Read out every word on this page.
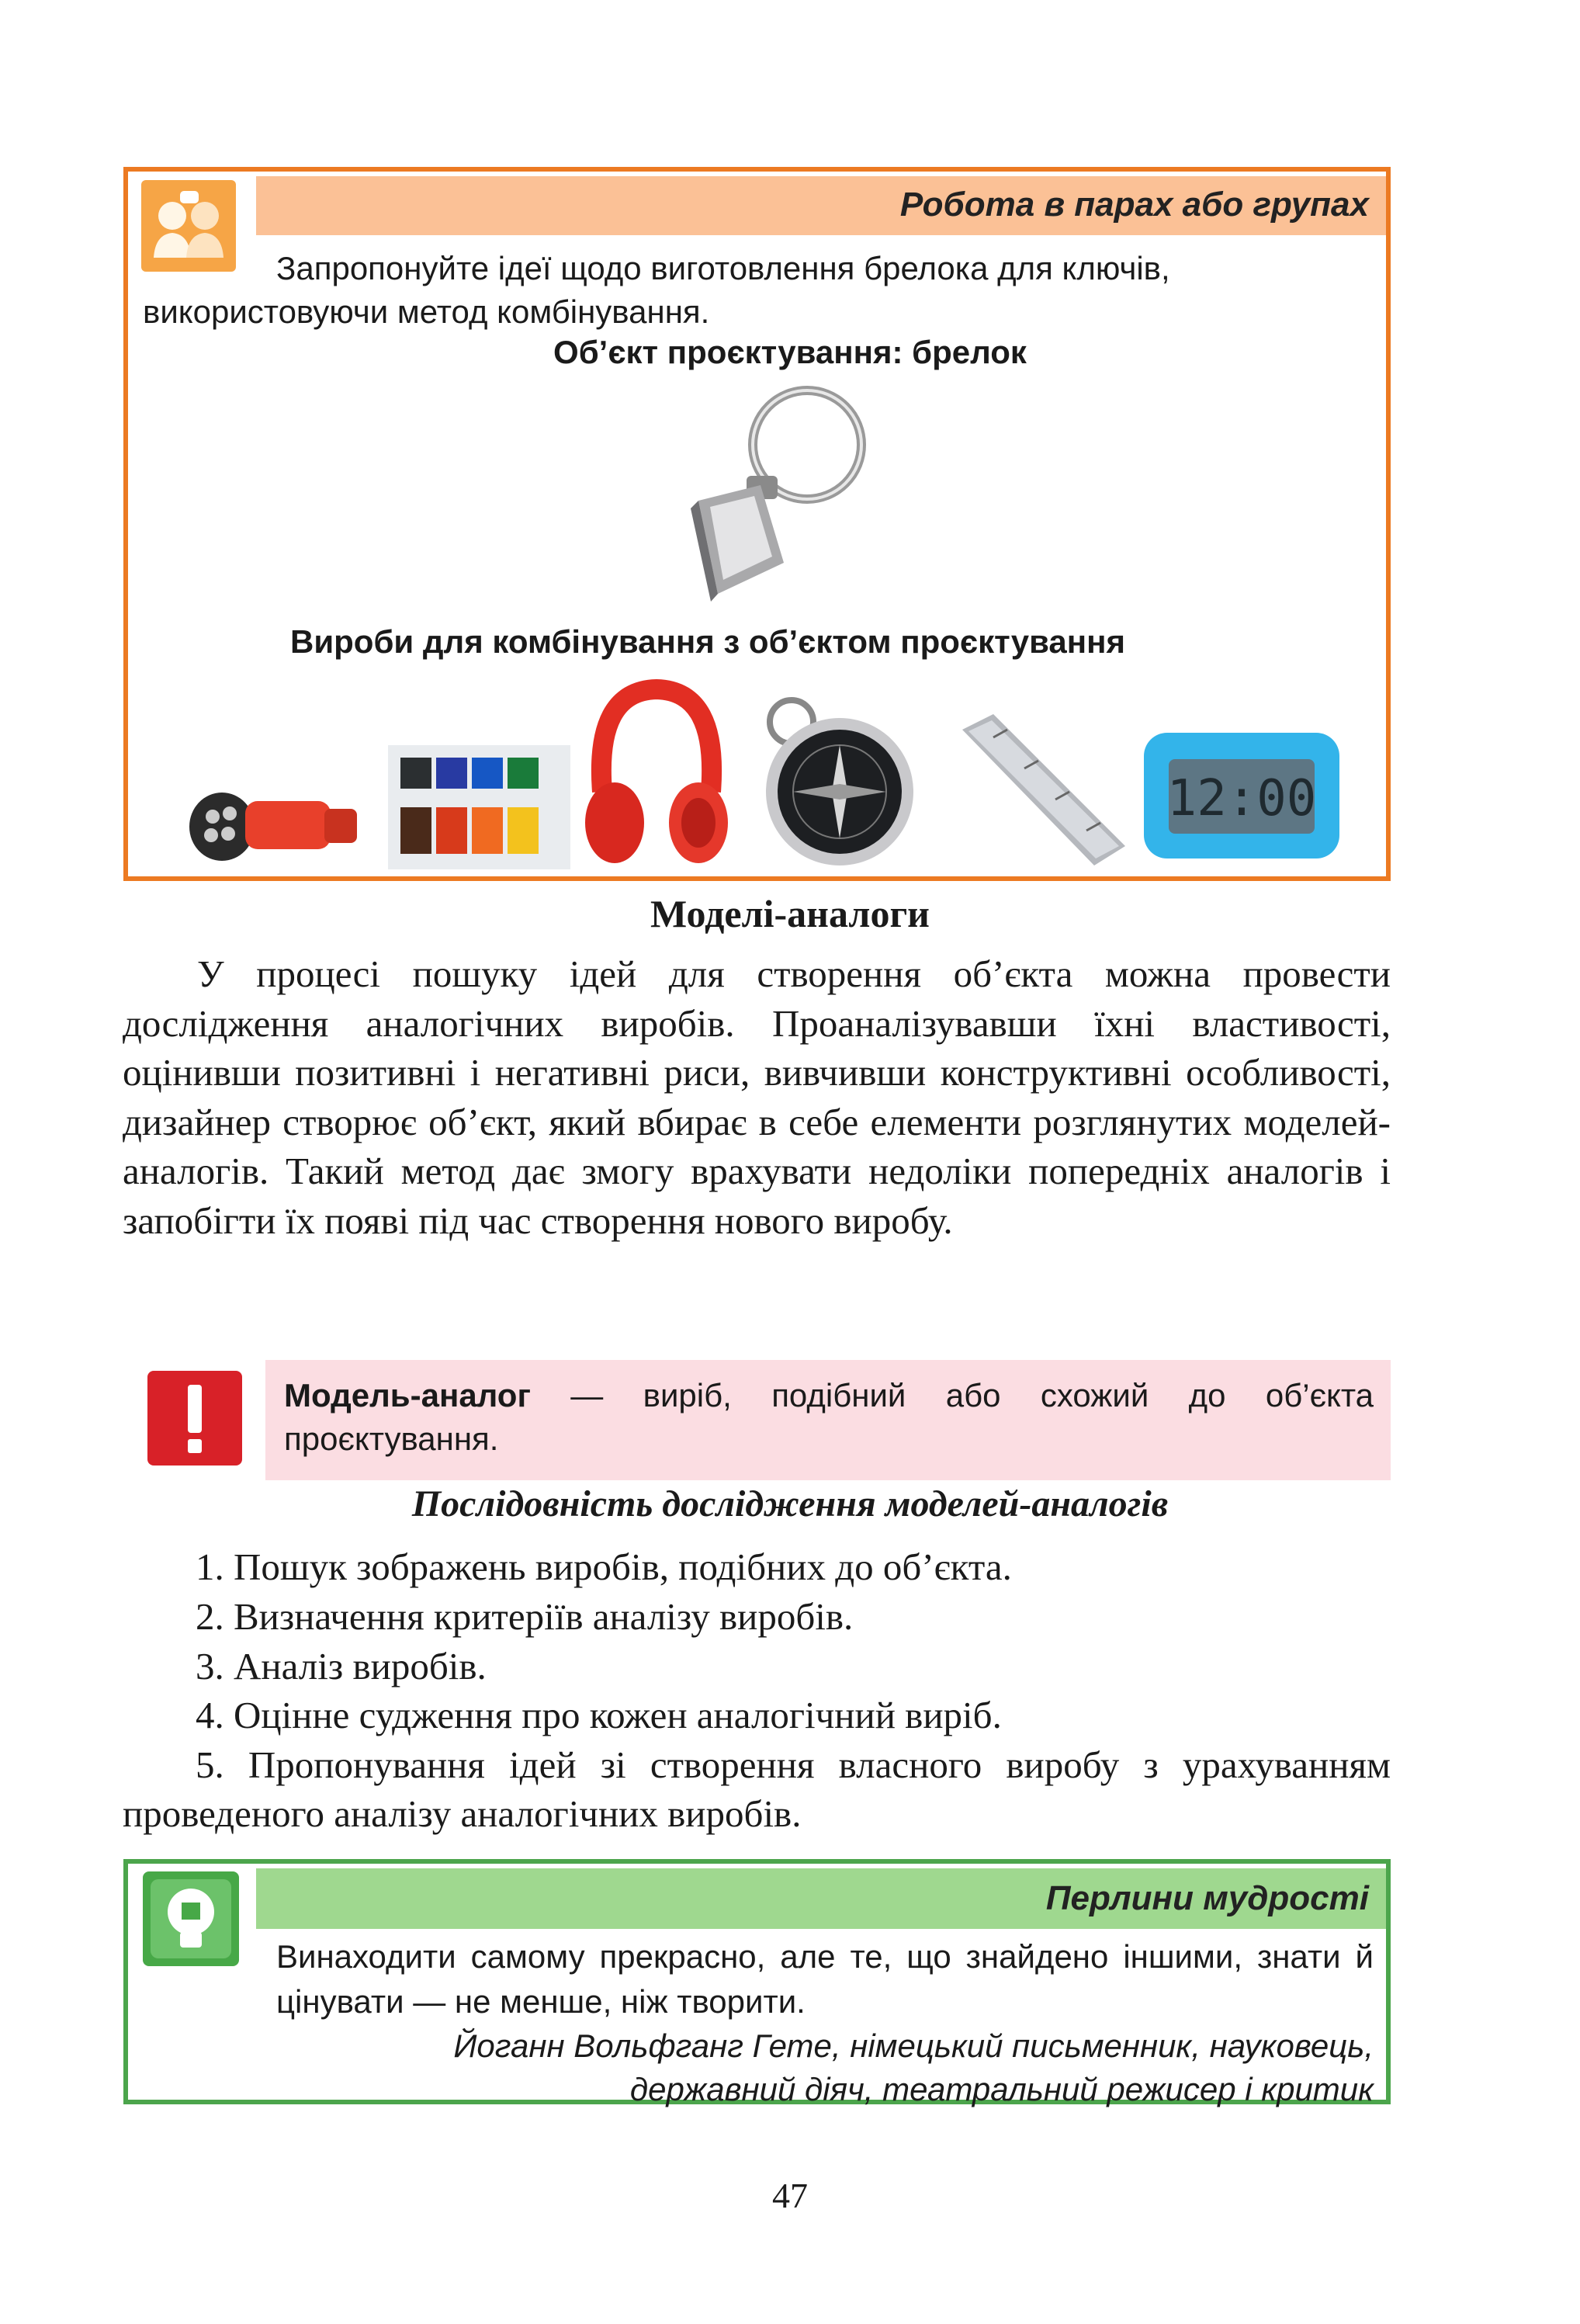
Робота в парах або групах
Запропонуйте ідеї щодо виготовлення брелока для ключів, використовуючи метод комбінування.
Об’єкт проєктування: брелок
Вироби для комбінування з об’єктом проєктування
12:00
Моделі-аналоги

У процесі пошуку ідей для створення об’єкта можна провести дослідження аналогічних виробів. Проаналізувавши їхні властивості, оцінивши позитивні і негативні риси, вивчивши конструктивні особливості, дизайнер створює об’єкт, який вбирає в себе елементи розглянутих моделей-аналогів. Такий метод дає змогу врахувати недоліки попередніх аналогів і запобігти їх появі під час створення нового виробу.

Модель-аналог — виріб, подібний або схожий до об’єкта проєктування.
Послідовність дослідження моделей-аналогів
1. Пошук зображень виробів, подібних до об’єкта.
2. Визначення критеріїв аналізу виробів.
3. Аналіз виробів.
4. Оцінне судження про кожен аналогічний виріб.
5. Пропонування ідей зі створення власного виробу з урахуванням проведеного аналізу аналогічних виробів.
Перлини мудрості
Винаходити самому прекрасно, але те, що знайдено іншими, знати й цінувати — не менше, ніж творити.
Йоганн Вольфганг Гете, німецький письменник, науковець,
державний діяч, театральний режисер і критик
47
